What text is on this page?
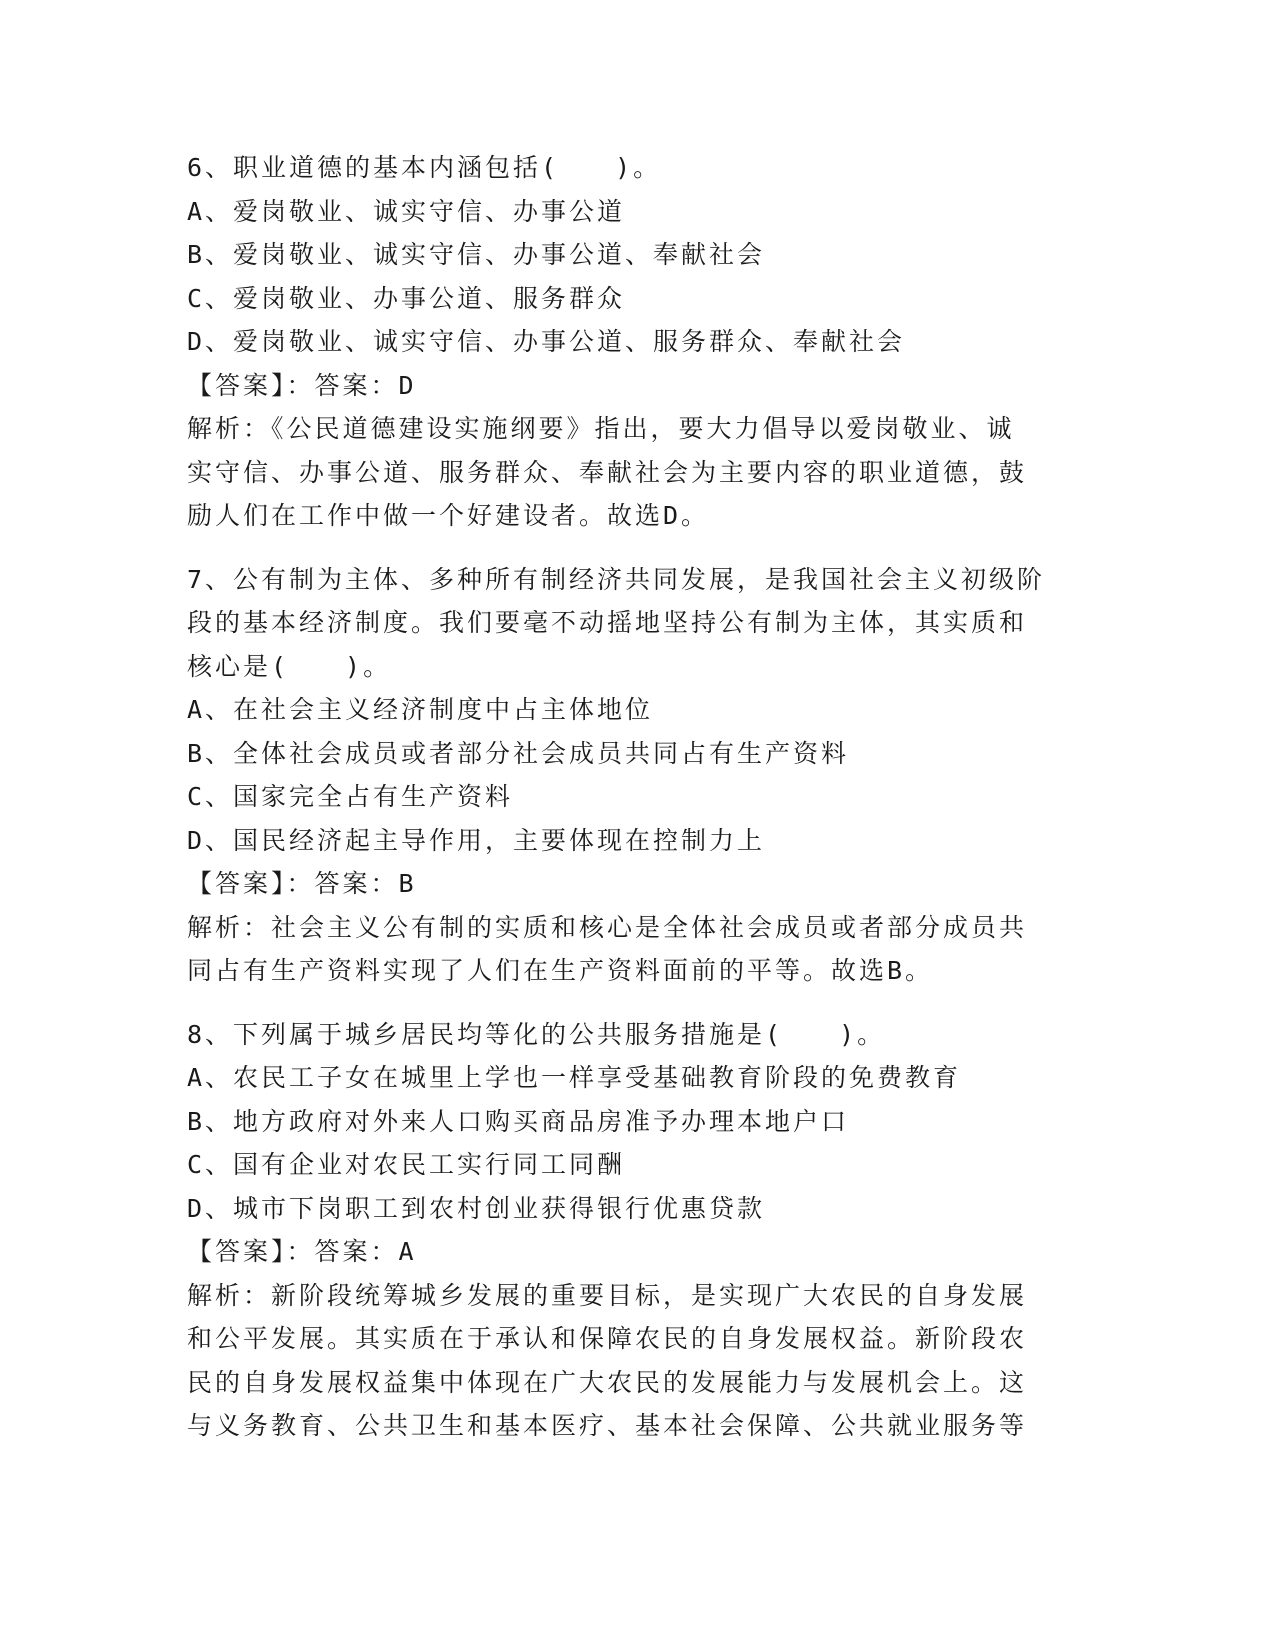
6、职业道德的基本内涵包括(　　)。
A、爱岗敬业、诚实守信、办事公道
B、爱岗敬业、诚实守信、办事公道、奉献社会
C、爱岗敬业、办事公道、服务群众
D、爱岗敬业、诚实守信、办事公道、服务群众、奉献社会
【答案】：答案：D
解析：《公民道德建设实施纲要》指出，要大力倡导以爱岗敬业、诚
实守信、办事公道、服务群众、奉献社会为主要内容的职业道德，鼓
励人们在工作中做一个好建设者。故选D。
7、公有制为主体、多种所有制经济共同发展，是我国社会主义初级阶
段的基本经济制度。我们要毫不动摇地坚持公有制为主体，其实质和
核心是(　　)。
A、在社会主义经济制度中占主体地位
B、全体社会成员或者部分社会成员共同占有生产资料
C、国家完全占有生产资料
D、国民经济起主导作用，主要体现在控制力上
【答案】：答案：B
解析：社会主义公有制的实质和核心是全体社会成员或者部分成员共
同占有生产资料实现了人们在生产资料面前的平等。故选B。
8、下列属于城乡居民均等化的公共服务措施是(　　)。
A、农民工子女在城里上学也一样享受基础教育阶段的免费教育
B、地方政府对外来人口购买商品房准予办理本地户口
C、国有企业对农民工实行同工同酬
D、城市下岗职工到农村创业获得银行优惠贷款
【答案】：答案：A
解析：新阶段统筹城乡发展的重要目标，是实现广大农民的自身发展
和公平发展。其实质在于承认和保障农民的自身发展权益。新阶段农
民的自身发展权益集中体现在广大农民的发展能力与发展机会上。这
与义务教育、公共卫生和基本医疗、基本社会保障、公共就业服务等
